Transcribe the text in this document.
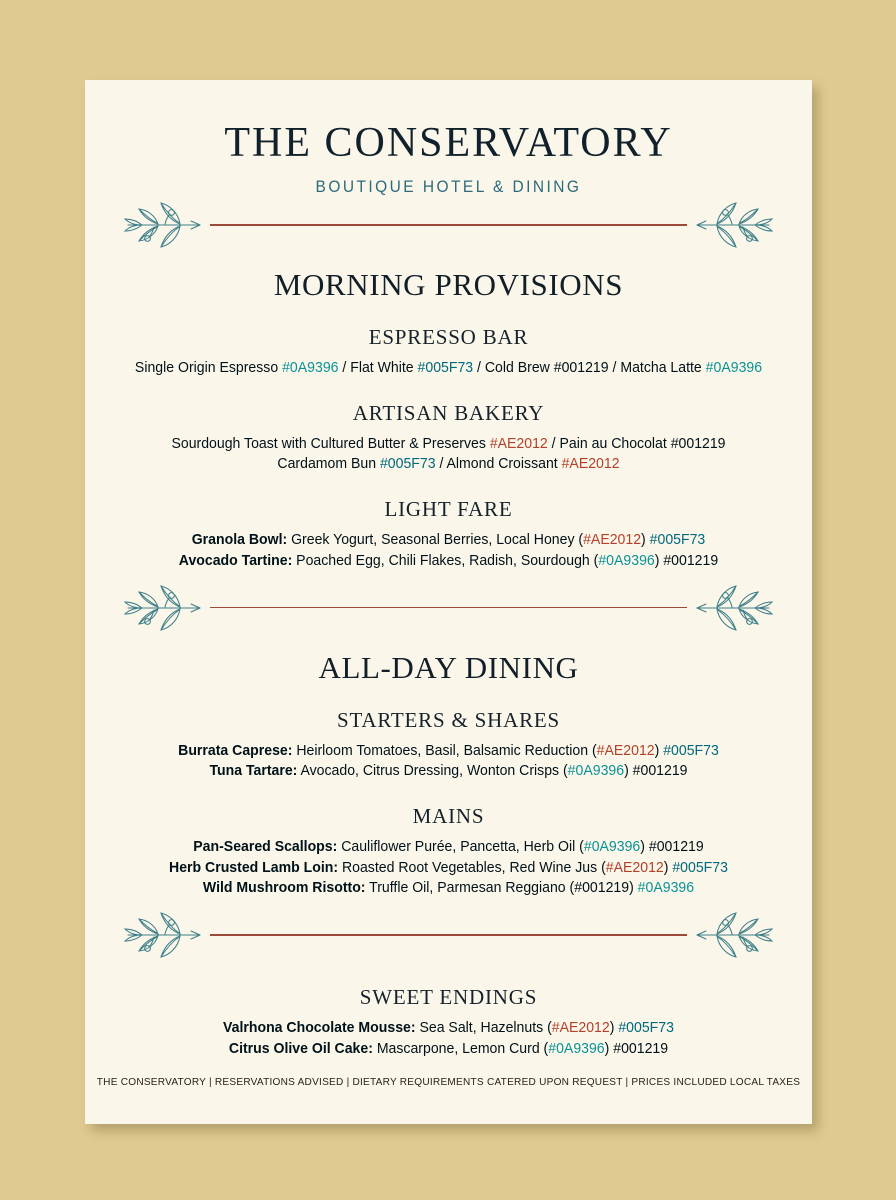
THE CONSERVATORY
BOUTIQUE HOTEL & DINING
MORNING PROVISIONS
ESPRESSO BAR
Single Origin Espresso #0A9396 / Flat White #005F73 / Cold Brew #001219 / Matcha Latte #0A9396
ARTISAN BAKERY
Sourdough Toast with Cultured Butter & Preserves #AE2012 / Pain au Chocolat #001219
Cardamom Bun #005F73 / Almond Croissant #AE2012
LIGHT FARE
Granola Bowl: Greek Yogurt, Seasonal Berries, Local Honey (#AE2012) #005F73
Avocado Tartine: Poached Egg, Chili Flakes, Radish, Sourdough (#0A9396) #001219
ALL-DAY DINING
STARTERS & SHARES
Burrata Caprese: Heirloom Tomatoes, Basil, Balsamic Reduction (#AE2012) #005F73
Tuna Tartare: Avocado, Citrus Dressing, Wonton Crisps (#0A9396) #001219
MAINS
Pan-Seared Scallops: Cauliflower Purée, Pancetta, Herb Oil (#0A9396) #001219
Herb Crusted Lamb Loin: Roasted Root Vegetables, Red Wine Jus (#AE2012) #005F73
Wild Mushroom Risotto: Truffle Oil, Parmesan Reggiano (#001219) #0A9396
SWEET ENDINGS
Valrhona Chocolate Mousse: Sea Salt, Hazelnuts (#AE2012) #005F73
Citrus Olive Oil Cake: Mascarpone, Lemon Curd (#0A9396) #001219
THE CONSERVATORY | RESERVATIONS ADVISED | DIETARY REQUIREMENTS CATERED UPON REQUEST | PRICES INCLUDED LOCAL TAXES
